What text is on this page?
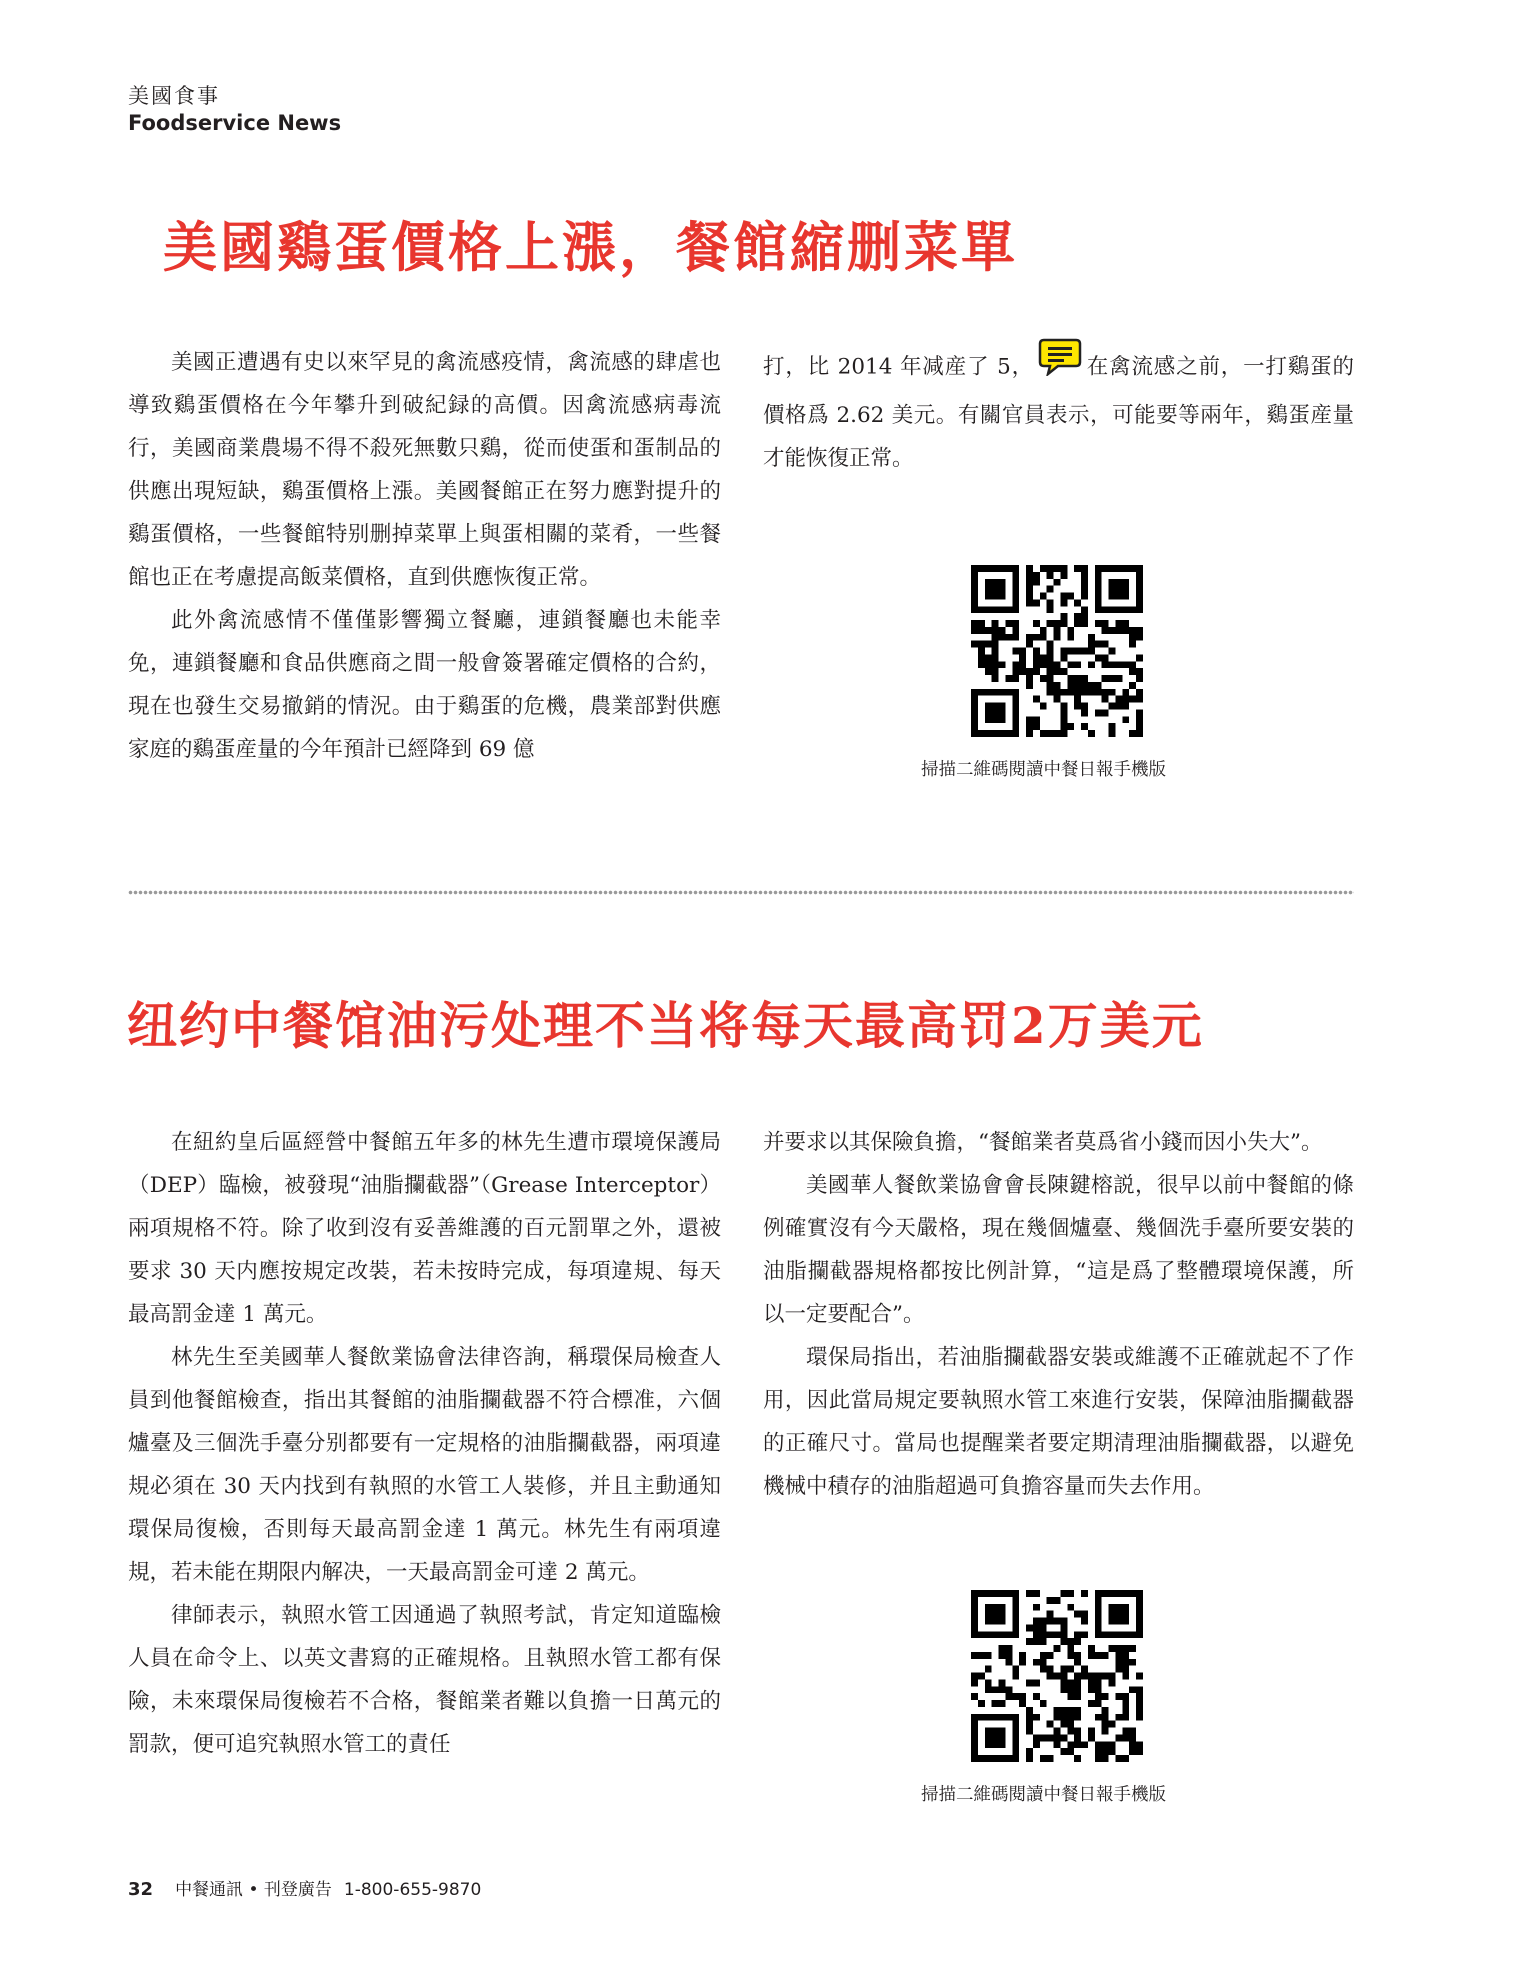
美國食事
Foodservice News
美國鷄蛋價格上漲，餐館縮删菜單

美國正遭遇有史以來罕見的禽流感疫情，禽流感的肆虐也導致鷄蛋價格在今年攀升到破紀録的高價。因禽流感病毒流行，美國商業農場不得不殺死無數只鷄，從而使蛋和蛋制品的供應出現短缺，鷄蛋價格上漲。美國餐館正在努力應對提升的鷄蛋價格，一些餐館特别删掉菜單上與蛋相關的菜肴，一些餐館也正在考慮提高飯菜價格，直到供應恢復正常。

此外禽流感情不僅僅影響獨立餐廳，連鎖餐廳也未能幸免，連鎖餐廳和食品供應商之間一般會簽署確定價格的合約，現在也發生交易撤銷的情況。由于鷄蛋的危機，農業部對供應家庭的鷄蛋産量的今年預計已經降到 69 億

打，比 2014 年减産了 5， 在禽流感之前，一打鷄蛋的價格爲 2.62 美元。有關官員表示，可能要等兩年，鷄蛋産量才能恢復正常。

掃描二維碼閱讀中餐日報手機版
纽约中餐馆油污处理不当将每天最高罚2万美元

在紐約皇后區經營中餐館五年多的林先生遭市環境保護局（DEP）臨檢，被發現“油脂攔截器”（Grease Interceptor）兩項規格不符。除了收到沒有妥善維護的百元罰單之外，還被要求 30 天内應按規定改裝，若未按時完成，每項違規、每天最高罰金達 1 萬元。

林先生至美國華人餐飲業協會法律咨詢，稱環保局檢查人員到他餐館檢查，指出其餐館的油脂攔截器不符合標准，六個爐臺及三個洗手臺分别都要有一定規格的油脂攔截器，兩項違規必須在 30 天内找到有執照的水管工人裝修，并且主動通知環保局復檢，否則每天最高罰金達 1 萬元。林先生有兩項違規，若未能在期限内解决，一天最高罰金可達 2 萬元。

律師表示，執照水管工因通過了執照考試，肯定知道臨檢人員在命令上、以英文書寫的正確規格。且執照水管工都有保險，未來環保局復檢若不合格，餐館業者難以負擔一日萬元的罰款，便可追究執照水管工的責任

并要求以其保險負擔，“餐館業者莫爲省小錢而因小失大”。

美國華人餐飲業協會會長陳鍵榕説，很早以前中餐館的條例確實沒有今天嚴格，現在幾個爐臺、幾個洗手臺所要安裝的油脂攔截器規格都按比例計算，“這是爲了整體環境保護，所以一定要配合”。

環保局指出，若油脂攔截器安裝或維護不正確就起不了作用，因此當局規定要執照水管工來進行安裝，保障油脂攔截器的正確尺寸。當局也提醒業者要定期清理油脂攔截器，以避免機械中積存的油脂超過可負擔容量而失去作用。

掃描二維碼閱讀中餐日報手機版
32 中餐通訊 • 刊登廣告 1-800-655-9870
